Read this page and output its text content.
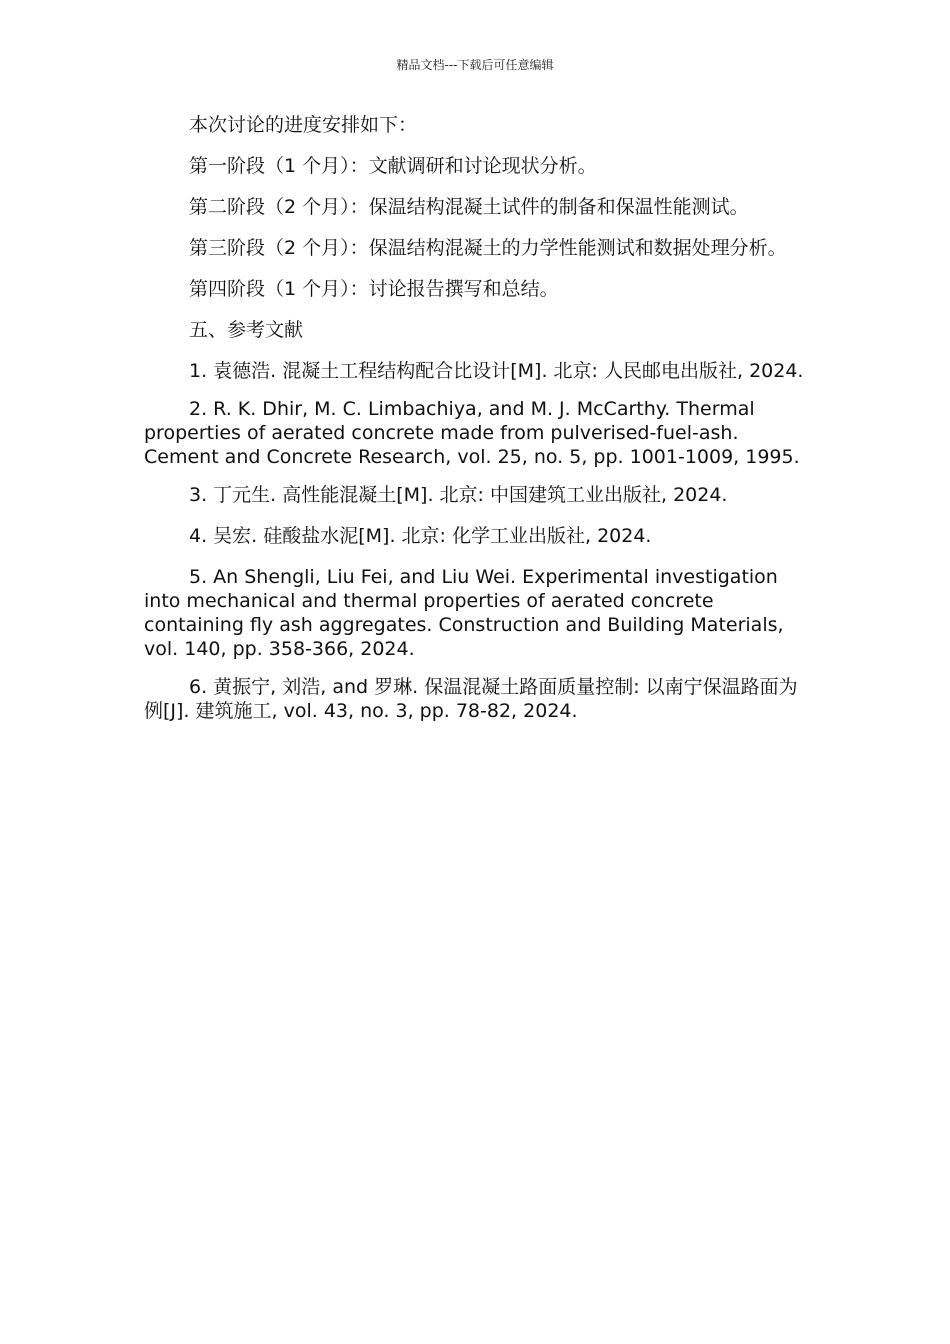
精品文档---下载后可任意编辑

本次讨论的进度安排如下：

第一阶段（1 个月）：文献调研和讨论现状分析。

第二阶段（2 个月）：保温结构混凝土试件的制备和保温性能测试。

第三阶段（2 个月）：保温结构混凝土的力学性能测试和数据处理分析。

第四阶段（1 个月）：讨论报告撰写和总结。

五、参考文献

1. 袁德浩. 混凝土工程结构配合比设计[M]. 北京: 人民邮电出版社, 2024.

2. R. K. Dhir, M. C. Limbachiya, and M. J. McCarthy. Thermal properties of aerated concrete made from pulverised-fuel-ash. Cement and Concrete Research, vol. 25, no. 5, pp. 1001-1009, 1995.

3. 丁元生. 高性能混凝土[M]. 北京: 中国建筑工业出版社, 2024.

4. 吴宏. 硅酸盐水泥[M]. 北京: 化学工业出版社, 2024.

5. An Shengli, Liu Fei, and Liu Wei. Experimental investigation into mechanical and thermal properties of aerated concrete containing fly ash aggregates. Construction and Building Materials, vol. 140, pp. 358-366, 2024.

6. 黄振宁, 刘浩, and 罗琳. 保温混凝土路面质量控制: 以南宁保温路面为例[J]. 建筑施工, vol. 43, no. 3, pp. 78-82, 2024.
